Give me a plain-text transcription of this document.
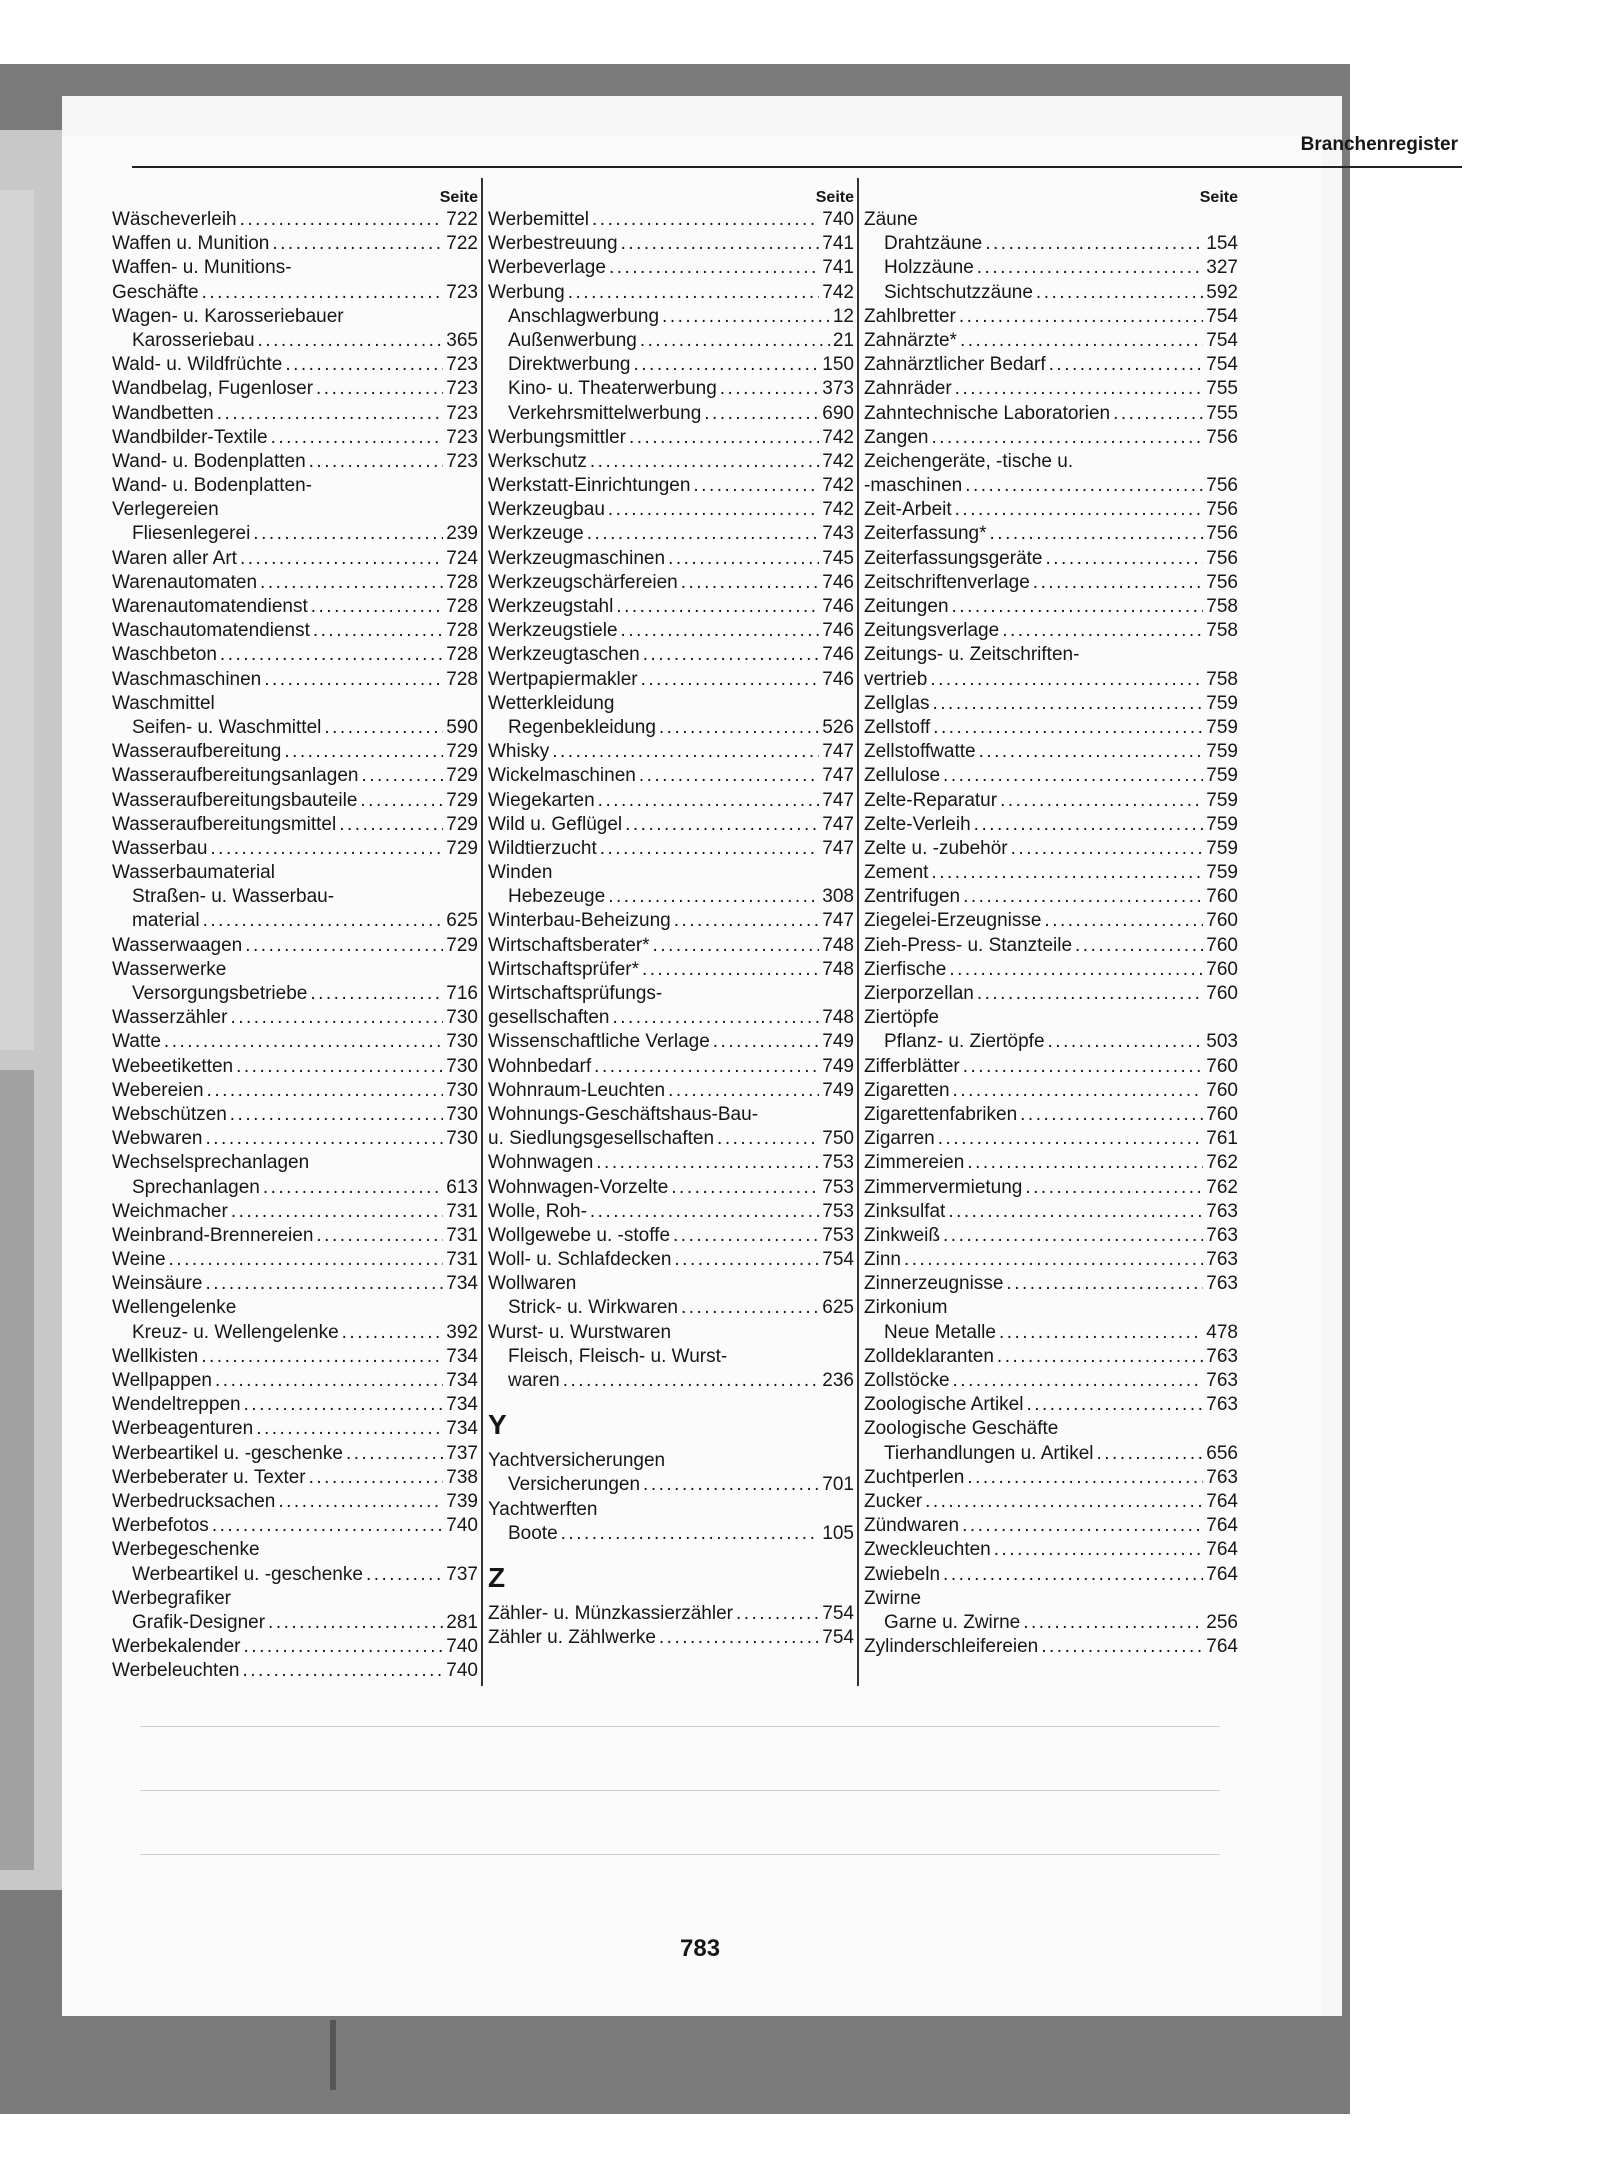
Branchenregister
Seite
Wäscheverleih .....	722
Waffen u. Munition .....	722
Waffen- u. Munitions-
Geschäfte .....	723
Wagen- u. Karosseriebauer
Karosseriebau .....	365
Wald- u. Wildfrüchte .....	723
Wandbelag, Fugenloser .....	723
Wandbetten .....	723
Wandbilder-Textile .....	723
Wand- u. Bodenplatten .....	723
Wand- u. Bodenplatten-
Verlegereien
Fliesenlegerei .....	239
Waren aller Art .....	724
Warenautomaten .....	728
Warenautomatendienst .....	728
Waschautomatendienst .....	728
Waschbeton .....	728
Waschmaschinen .....	728
Waschmittel
Seifen- u. Waschmittel .....	590
Wasseraufbereitung .....	729
Wasseraufbereitungsanlagen .....	729
Wasseraufbereitungsbauteile .....	729
Wasseraufbereitungsmittel .....	729
Wasserbau .....	729
Wasserbaumaterial
Straßen- u. Wasserbau-
material .....	625
Wasserwaagen .....	729
Wasserwerke
Versorgungsbetriebe .....	716
Wasserzähler .....	730
Watte .....	730
Webeetiketten .....	730
Webereien .....	730
Webschützen .....	730
Webwaren .....	730
Wechselsprechanlagen
Sprechanlagen .....	613
Weichmacher .....	731
Weinbrand-Brennereien .....	731
Weine .....	731
Weinsäure .....	734
Wellengelenke
Kreuz- u. Wellengelenke .....	392
Wellkisten .....	734
Wellpappen .....	734
Wendeltreppen .....	734
Werbeagenturen .....	734
Werbeartikel u. -geschenke .....	737
Werbeberater u. Texter .....	738
Werbedrucksachen .....	739
Werbefotos .....	740
Werbegeschenke
Werbeartikel u. -geschenke .....	737
Werbegrafiker
Grafik-Designer .....	281
Werbekalender .....	740
Werbeleuchten .....	740
Seite
Werbemittel .....	740
Werbestreuung .....	741
Werbeverlage .....	741
Werbung .....	742
Anschlagwerbung .....	12
Außenwerbung .....	21
Direktwerbung .....	150
Kino- u. Theaterwerbung .....	373
Verkehrsmittelwerbung .....	690
Werbungsmittler .....	742
Werkschutz .....	742
Werkstatt-Einrichtungen .....	742
Werkzeugbau .....	742
Werkzeuge .....	743
Werkzeugmaschinen .....	745
Werkzeugschärfereien .....	746
Werkzeugstahl .....	746
Werkzeugstiele .....	746
Werkzeugtaschen .....	746
Wertpapiermakler .....	746
Wetterkleidung
Regenbekleidung .....	526
Whisky .....	747
Wickelmaschinen .....	747
Wiegekarten .....	747
Wild u. Geflügel .....	747
Wildtierzucht .....	747
Winden
Hebezeuge .....	308
Winterbau-Beheizung .....	747
Wirtschaftsberater* .....	748
Wirtschaftsprüfer* .....	748
Wirtschaftsprüfungs-
gesellschaften .....	748
Wissenschaftliche Verlage .....	749
Wohnbedarf .....	749
Wohnraum-Leuchten .....	749
Wohnungs-Geschäftshaus-Bau-
u. Siedlungsgesellschaften .....	750
Wohnwagen .....	753
Wohnwagen-Vorzelte .....	753
Wolle, Roh- .....	753
Wollgewebe u. -stoffe .....	753
Woll- u. Schlafdecken .....	754
Wollwaren
Strick- u. Wirkwaren .....	625
Wurst- u. Wurstwaren
Fleisch, Fleisch- u. Wurst-
waren .....	236
Y
Yachtversicherungen
Versicherungen .....	701
Yachtwerften
Boote .....	105
Z
Zähler- u. Münzkassierzähler .....	754
Zähler u. Zählwerke .....	754
Seite
Zäune
Drahtzäune .....	154
Holzzäune .....	327
Sichtschutzzäune .....	592
Zahlbretter .....	754
Zahnärzte* .....	754
Zahnärztlicher Bedarf .....	754
Zahnräder .....	755
Zahntechnische Laboratorien .....	755
Zangen .....	756
Zeichengeräte, -tische u.
-maschinen .....	756
Zeit-Arbeit .....	756
Zeiterfassung* .....	756
Zeiterfassungsgeräte .....	756
Zeitschriftenverlage .....	756
Zeitungen .....	758
Zeitungsverlage .....	758
Zeitungs- u. Zeitschriften-
vertrieb .....	758
Zellglas .....	759
Zellstoff .....	759
Zellstoffwatte .....	759
Zellulose .....	759
Zelte-Reparatur .....	759
Zelte-Verleih .....	759
Zelte u. -zubehör .....	759
Zement .....	759
Zentrifugen .....	760
Ziegelei-Erzeugnisse .....	760
Zieh-Press- u. Stanzteile .....	760
Zierfische .....	760
Zierporzellan .....	760
Ziertöpfe
Pflanz- u. Ziertöpfe .....	503
Zifferblätter .....	760
Zigaretten .....	760
Zigarettenfabriken .....	760
Zigarren .....	761
Zimmereien .....	762
Zimmervermietung .....	762
Zinksulfat .....	763
Zinkweiß .....	763
Zinn .....	763
Zinnerzeugnisse .....	763
Zirkonium
Neue Metalle .....	478
Zolldeklaranten .....	763
Zollstöcke .....	763
Zoologische Artikel .....	763
Zoologische Geschäfte
Tierhandlungen u. Artikel .....	656
Zuchtperlen .....	763
Zucker .....	764
Zündwaren .....	764
Zweckleuchten .....	764
Zwiebeln .....	764
Zwirne
Garne u. Zwirne .....	256
Zylinderschleifereien .....	764
783
